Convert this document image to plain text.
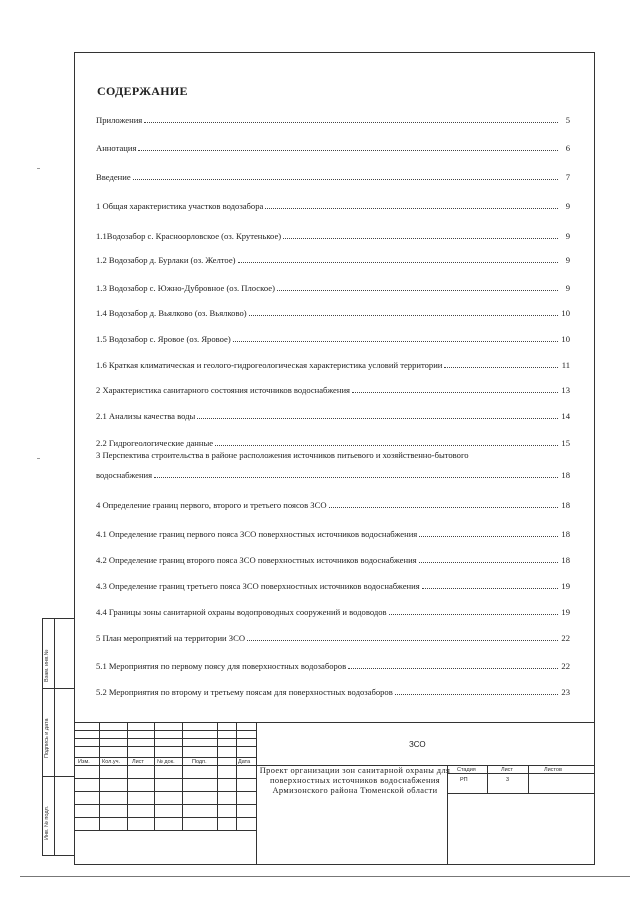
СОДЕРЖАНИЕ
Приложения	5
Аннотация	6
Введение	7
1 Общая характеристика участков водозабора	9
1.1Водозабор с. Красноорловское (оз. Крутенькое)	9
1.2 Водозабор д. Бурлаки (оз. Желтое)	9
1.3 Водозабор с. Южно-Дубровное (оз. Плоское)	9
1.4 Водозабор д. Вьялково (оз. Вьялково)	10
1.5 Водозабор с. Яровое (оз. Яровое)	10
1.6 Краткая климатическая и геолого-гидрогеологическая характеристика условий территории	11
2 Характеристика санитарного состояния источников водоснабжения	13
2.1 Анализы качества воды	14
2.2 Гидрогеологические данные	15
3 Перспектива строительства в районе расположения источников питьевого и хозяйственно-бытового
водоснабжения	18
4 Определение границ первого, второго и третьего поясов ЗСО	18
4.1 Определение границ первого пояса ЗСО поверхностных источников водоснабжения	18
4.2 Определение границ второго пояса ЗСО поверхностных источников водоснабжения	18
4.3 Определение границ третьего пояса ЗСО поверхностных источников водоснабжения	19
4.4 Границы зоны санитарной охраны водопроводных сооружений и водоводов	19
5 План мероприятий на территории ЗСО	22
5.1 Мероприятия по первому поясу для поверхностных водозаборов	22
5.2 Мероприятия по второму и третьему поясам для поверхностных водозаборов	23
Изм. Кол.уч. Лист № док.	Подп.	Дата
ЗСО
Проект организации зон санитарной охраны для поверхностных источников водоснабжения Армизонского района Тюменской области
Стадия	Лист	Листов
РП	3
Взам. инв.№
Подпись и дата
Инв. № подл.
